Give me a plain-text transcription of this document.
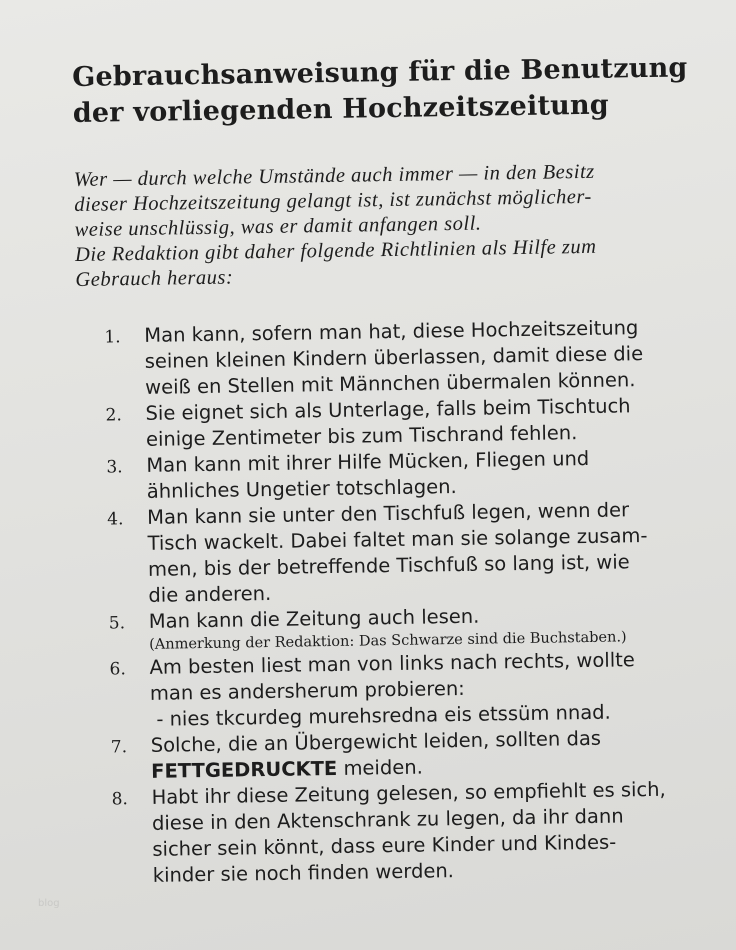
Gebrauchsanweisung für die Benutzung
der vorliegenden Hochzeitszeitung

Wer — durch welche Umstände auch immer — in den Besitz

dieser Hochzeitszeitung gelangt ist, ist zunächst möglicher-

weise unschlüssig, was er damit anfangen soll.

Die Redaktion gibt daher folgende Richtlinien als Hilfe zum

Gebrauch heraus:

1. Man kann, sofern man hat, diese Hochzeitszeitung
seinen kleinen Kindern überlassen, damit diese die
weiß en Stellen mit Männchen übermalen können.
2. Sie eignet sich als Unterlage, falls beim Tischtuch
einige Zentimeter bis zum Tischrand fehlen.
3. Man kann mit ihrer Hilfe Mücken, Fliegen und
ähnliches Ungetier totschlagen.
4. Man kann sie unter den Tischfuß legen, wenn der
Tisch wackelt. Dabei faltet man sie solange zusam-
men, bis der betreffende Tischfuß so lang ist, wie
die anderen.
5. Man kann die Zeitung auch lesen.
(Anmerkung der Redaktion: Das Schwarze sind die Buchstaben.)
6. Am besten liest man von links nach rechts, wollte
man es andersherum probieren:
- nies tkcurdeg murehsredna eis etssüm nnad.
7. Solche, die an Übergewicht leiden, sollten das
FETTGEDRUCKTE meiden.
8. Habt ihr diese Zeitung gelesen, so empfiehlt es sich,
diese in den Aktenschrank zu legen, da ihr dann
sicher sein könnt, dass eure Kinder und Kindes-
kinder sie noch finden werden.
blog
